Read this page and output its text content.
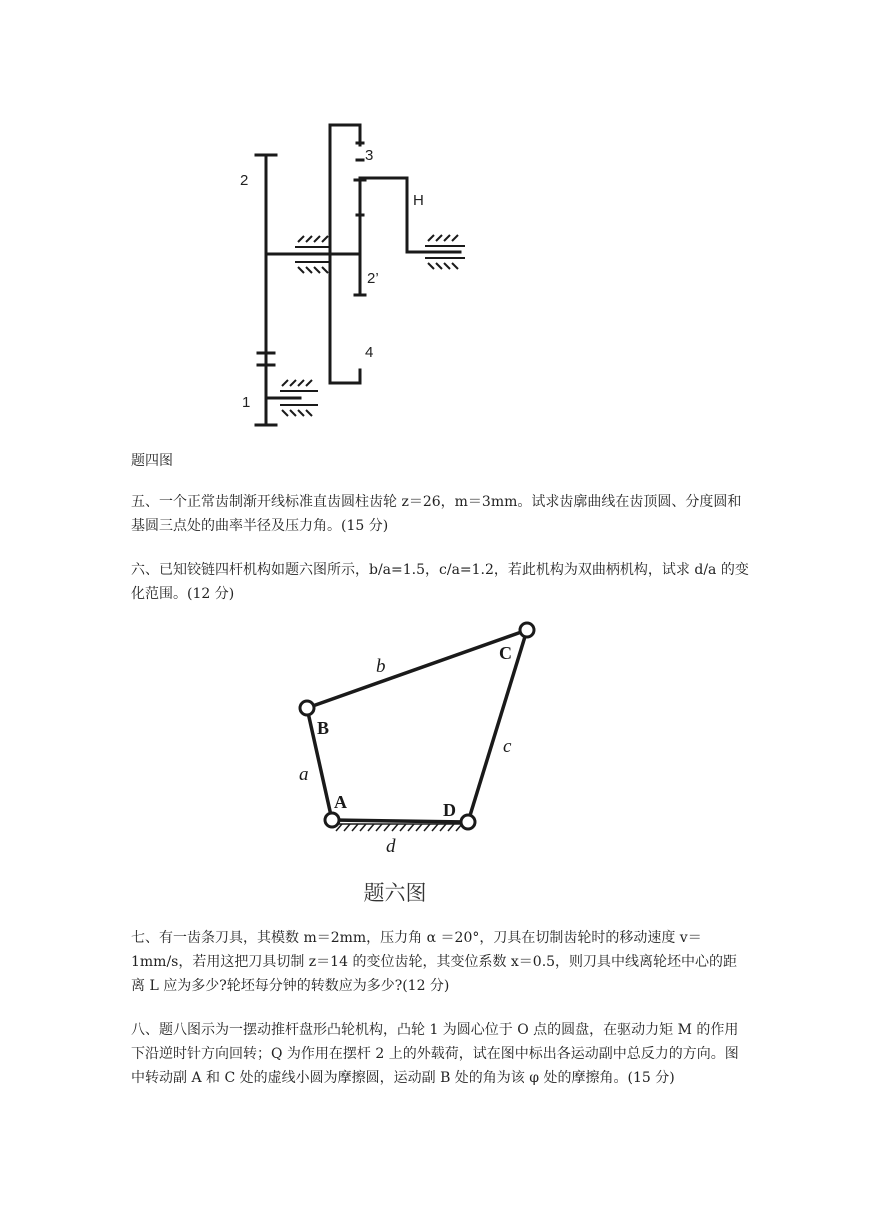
2
3
H
2’
4
1
题四图

五、一个正常齿制渐开线标准直齿圆柱齿轮 z＝26，m＝3mm。试求齿廓曲线在齿顶圆、分度圆和基圆三点处的曲率半径及压力角。(15 分)

六、已知铰链四杆机构如题六图所示，b/a=1.5，c/a=1.2，若此机构为双曲柄机构，试求 d/a 的变化范围。(12 分)

A
B
C
D
a
b
c
d
题六图

七、有一齿条刀具，其模数 m＝2mm，压力角 α ＝20°，刀具在切制齿轮时的移动速度 v＝1mm/s，若用这把刀具切制 z＝14 的变位齿轮，其变位系数 x＝0.5，则刀具中线离轮坯中心的距离 L 应为多少?轮坯每分钟的转数应为多少?(12 分)

八、题八图示为一摆动推杆盘形凸轮机构，凸轮 1 为圆心位于 O 点的圆盘，在驱动力矩 M 的作用下沿逆时针方向回转；Q 为作用在摆杆 2 上的外载荷，试在图中标出各运动副中总反力的方向。图中转动副 A 和 C 处的虚线小圆为摩擦圆，运动副 B 处的角为该 φ 处的摩擦角。(15 分)
